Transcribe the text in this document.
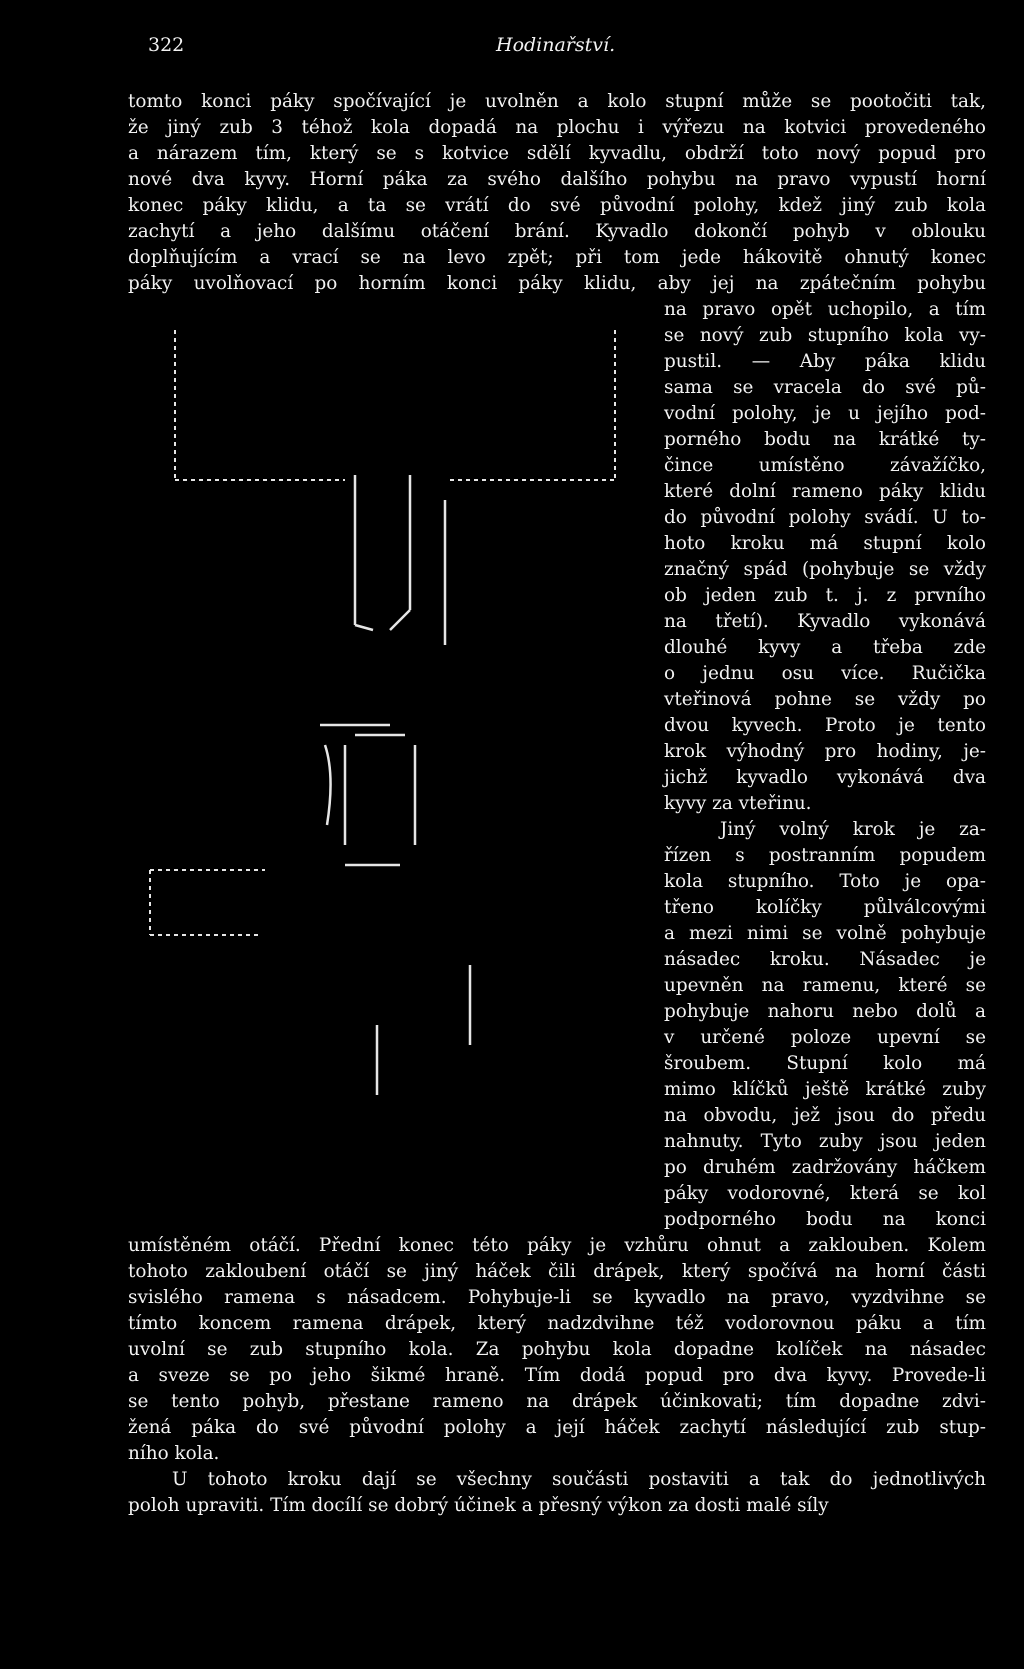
322	Hodinařství.
tomto konci páky spočívající je uvolněn a kolo stupní může se pootočiti tak,
že jiný zub 3 téhož kola dopadá na plochu i výřezu na kotvici provedeného
a nárazem tím, který se s kotvice sdělí kyvadlu, obdrží toto nový popud pro
nové dva kyvy. Horní páka za svého dalšího pohybu na pravo vypustí horní
konec páky klidu, a ta se vrátí do své původní polohy, kdež jiný zub kola
zachytí a jeho dalšímu otáčení brání. Kyvadlo dokončí pohyb v oblouku
doplňujícím a vrací se na levo zpět; při tom jede hákovitě ohnutý konec
páky uvolňovací po horním konci páky klidu, aby jej na zpátečním pohybu
na pravo opět uchopilo, a tím
se nový zub stupního kola vy-
pustil. — Aby páka klidu
sama se vracela do své pů-
vodní polohy, je u jejího pod-
porného bodu na krátké ty-
čince umístěno závažíčko,
které dolní rameno páky klidu
do původní polohy svádí. U to-
hoto kroku má stupní kolo
značný spád (pohybuje se vždy
ob jeden zub t. j. z prvního
na třetí). Kyvadlo vykonává
dlouhé kyvy a třeba zde
o jednu osu více. Ručička
vteřinová pohne se vždy po
dvou kyvech. Proto je tento
krok výhodný pro hodiny, je-
jichž kyvadlo vykonává dva
kyvy za vteřinu.
Jiný volný krok je za-
řízen s postranním popudem
kola stupního. Toto je opa-
třeno kolíčky půlválcovými
a mezi nimi se volně pohybuje
násadec kroku. Násadec je
upevněn na ramenu, které se
pohybuje nahoru nebo dolů a
v určené poloze upevní se
šroubem. Stupní kolo má
mimo klíčků ještě krátké zuby
na obvodu, jež jsou do předu
nahnuty. Tyto zuby jsou jeden
po druhém zadržovány háčkem
páky vodorovné, která se kol
podporného bodu na konci
umístěném otáčí. Přední konec této páky je vzhůru ohnut a zaklouben. Kolem
tohoto zakloubení otáčí se jiný háček čili drápek, který spočívá na horní části
svislého ramena s násadcem. Pohybuje-li se kyvadlo na pravo, vyzdvihne se
tímto koncem ramena drápek, který nadzdvihne též vodorovnou páku a tím
uvolní se zub stupního kola. Za pohybu kola dopadne kolíček na násadec
a sveze se po jeho šikmé hraně. Tím dodá popud pro dva kyvy. Provede-li
se tento pohyb, přestane rameno na drápek účinkovati; tím dopadne zdvi-
žená páka do své původní polohy a její háček zachytí následující zub stup-
ního kola.
U tohoto kroku dají se všechny součásti postaviti a tak do jednotlivých
poloh upraviti. Tím docílí se dobrý účinek a přesný výkon za dosti malé síly
